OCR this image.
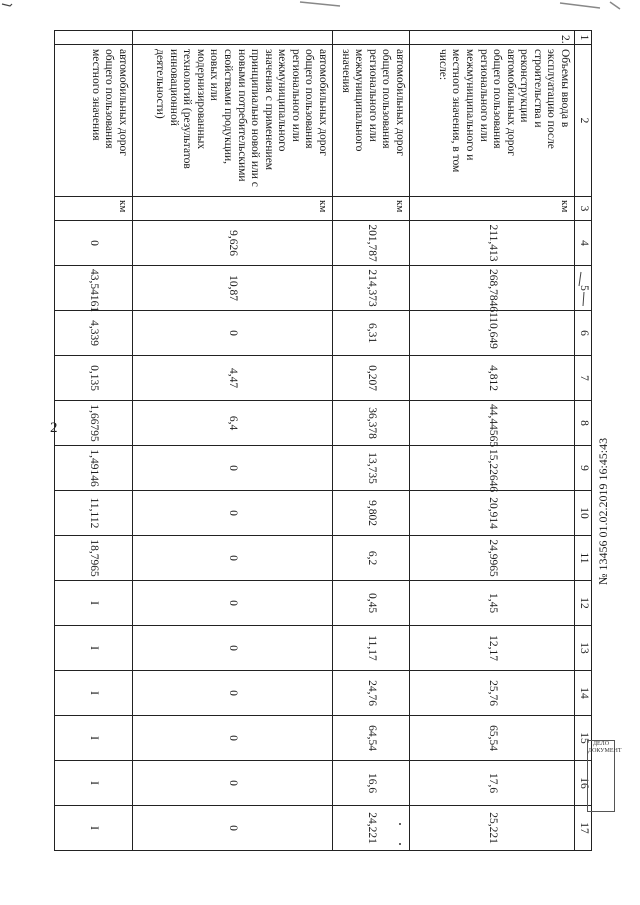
2
1	2	3	4	5	6	7	8	9	10	11	12	13	14	15	16	17
2.	Объемы ввода в эксплуатацию после строительства и реконструкции автомобильных дорог общего пользования регионального или межмуниципального и местного значения, в том числе:	км	211,413	268,78461	10,649	4,812	44,44565	15,22646	20,914	24,9965	1,45	12,17	25,76	65,54	17,6	25,221
	автомобильных дорог общего пользования регионального или межмуниципального значения	км	201,787	214,373	6,31	0,207	36,378	13,735	9,802	6,2	0,45	11,17	24,76	64,54	16,6	24,221
	автомобильных дорог общего пользования регионального или межмуниципального значения с применением принципиально новой или с новыми потребительскими свойствами продукции, новых или модернизированных технологий (результатов инновационной деятельности)	км	9,626	10,87	0	4,47	6,4	0	0	0	0	0	0	0	0	0
	автомобильных дорог общего пользования местного значения	км	0	43,54161	4,339	0,135	1,66795	1,49146	11,112	18,7965	I	I	I	I	I	I
№ 13456 01.02.2019 16:45:43
ДЕЛО ДОКУМЕНТ
